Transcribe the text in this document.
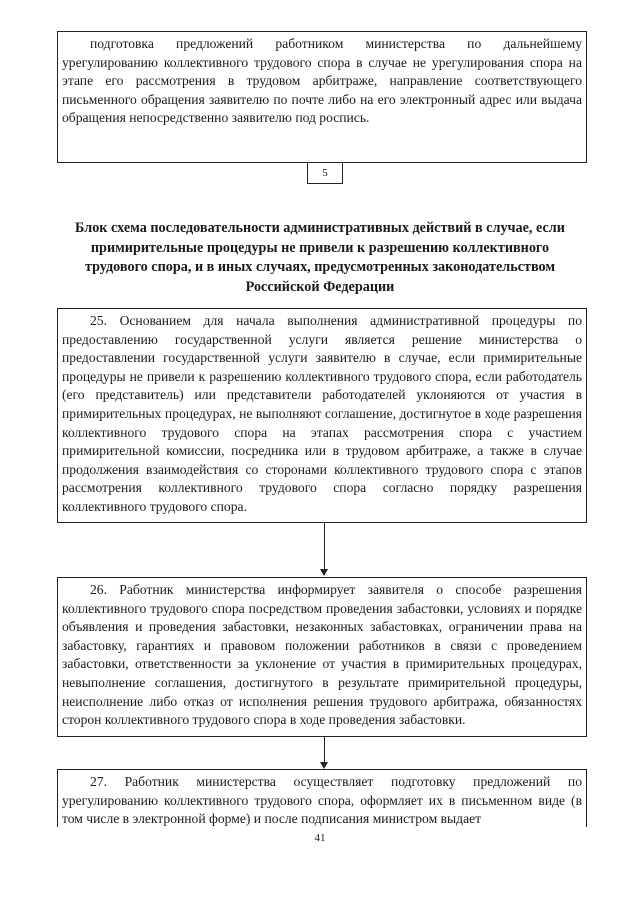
подготовка предложений работником министерства по дальнейшему урегулированию коллективного трудового спора в случае не урегулирования спора на этапе его рассмотрения в трудовом арбитраже, направление соответствующего письменного обращения заявителю по почте либо на его электронный адрес или выдача обращения непосредственно заявителю под роспись.

5
Блок схема последовательности административных действий в случае, если примирительные процедуры не привели к разрешению коллективного трудового спора, и в иных случаях, предусмотренных законодательством Российской Федерации

25. Основанием для начала выполнения административной процедуры по предоставлению государственной услуги является решение министерства о предоставлении государственной услуги заявителю в случае, если примирительные процедуры не привели к разрешению коллективного трудового спора, если работодатель (его представитель) или представители работодателей уклоняются от участия в примирительных процедурах, не выполняют соглашение, достигнутое в ходе разрешения коллективного трудового спора на этапах рассмотрения спора с участием примирительной комиссии, посредника или в трудовом арбитраже, а также в случае продолжения взаимодействия со сторонами коллективного трудового спора с этапов рассмотрения коллективного трудового спора согласно порядку разрешения коллективного трудового спора.

26. Работник министерства информирует заявителя о способе разрешения коллективного трудового спора посредством проведения забастовки, условиях и порядке объявления и проведения забастовки, незаконных забастовках, ограничении права на забастовку, гарантиях и правовом положении работников в связи с проведением забастовки, ответственности за уклонение от участия в примирительных процедурах, невыполнение соглашения, достигнутого в результате примирительной процедуры, неисполнение либо отказ от исполнения решения трудового арбитража, обязанностях сторон коллективного трудового спора в ходе проведения забастовки.

27. Работник министерства осуществляет подготовку предложений по урегулированию коллективного трудового спора, оформляет их в письменном виде (в том числе в электронной форме) и после подписания министром выдает

41
